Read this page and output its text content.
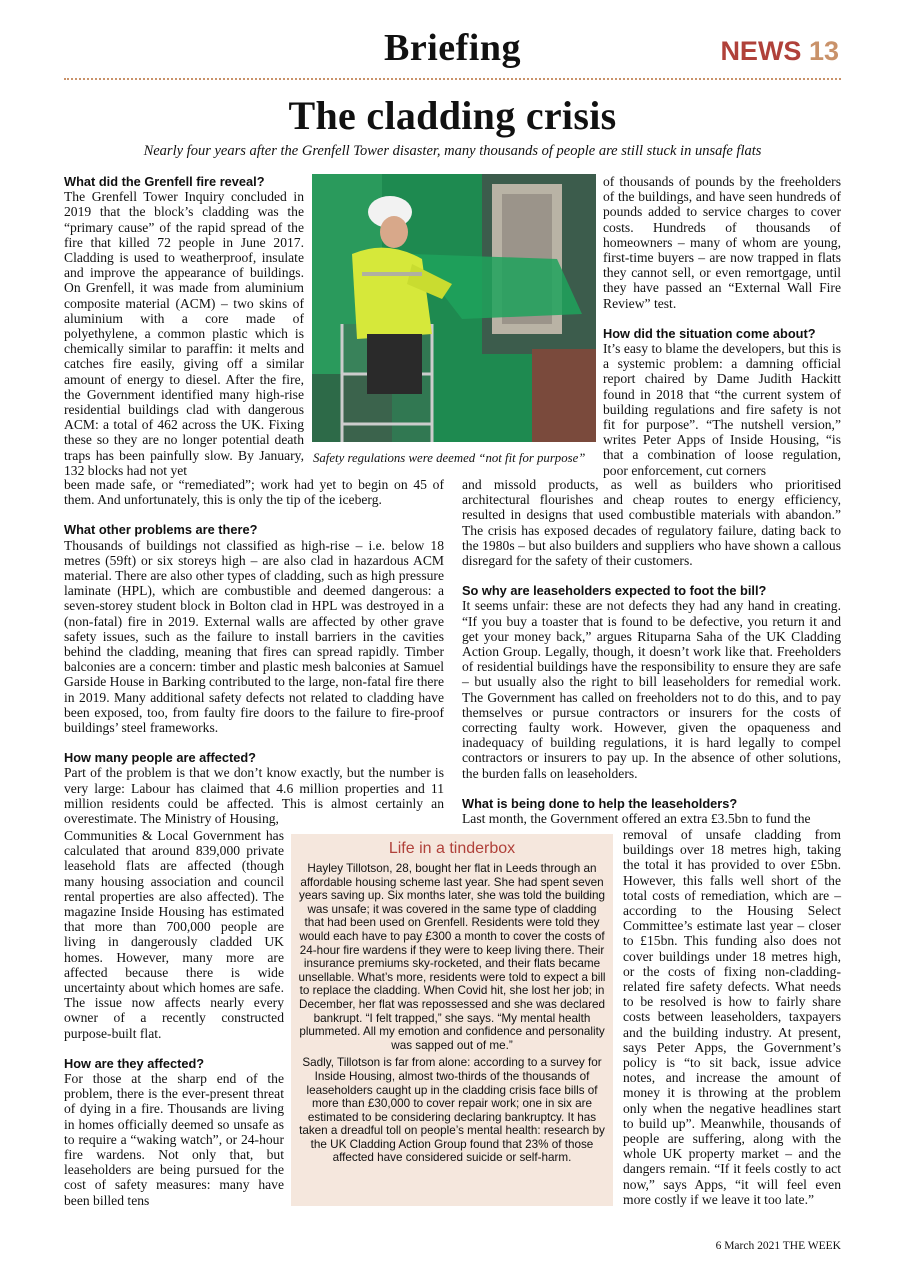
Briefing	NEWS 13
The cladding crisis
Nearly four years after the Grenfell Tower disaster, many thousands of people are still stuck in unsafe flats
Safety regulations were deemed “not fit for purpose”
What did the Grenfell fire reveal?

The Grenfell Tower Inquiry concluded in 2019 that the block’s cladding was the “primary cause” of the rapid spread of the fire that killed 72 people in June 2017. Cladding is used to weatherproof, insulate and improve the appearance of buildings. On Grenfell, it was made from aluminium composite material (ACM) – two skins of aluminium with a core made of polyethylene, a common plastic which is chemically similar to paraffin: it melts and catches fire easily, giving off a similar amount of energy to diesel. After the fire, the Government identified many high-rise residential buildings clad with dangerous ACM: a total of 462 across the UK. Fixing these so they are no longer potential death traps has been painfully slow. By January, 132 blocks had not yet

been made safe, or “remediated”; work had yet to begin on 45 of them. And unfortunately, this is only the tip of the iceberg.

What other problems are there?

Thousands of buildings not classified as high-rise – i.e. below 18 metres (59ft) or six storeys high – are also clad in hazardous ACM material. There are also other types of cladding, such as high pressure laminate (HPL), which are combustible and deemed dangerous: a seven-storey student block in Bolton clad in HPL was destroyed in a (non-fatal) fire in 2019. External walls are affected by other grave safety issues, such as the failure to install barriers in the cavities behind the cladding, meaning that fires can spread rapidly. Timber balconies are a concern: timber and plastic mesh balconies at Samuel Garside House in Barking contributed to the large, non-fatal fire there in 2019. Many additional safety defects not related to cladding have been exposed, too, from faulty fire doors to the failure to fire-proof buildings’ steel frameworks.

How many people are affected?

Part of the problem is that we don’t know exactly, but the number is very large: Labour has claimed that 4.6 million properties and 11 million residents could be affected. This is almost certainly an overestimate. The Ministry of Housing,

Communities & Local Government has calculated that around 839,000 private leasehold flats are affected (though many housing association and council rental properties are also affected). The magazine Inside Housing has estimated that more than 700,000 people are living in dangerously cladded UK homes. However, many more are affected because there is wide uncertainty about which homes are safe. The issue now affects nearly every owner of a recently constructed purpose-built flat.

How are they affected?

For those at the sharp end of the problem, there is the ever-present threat of dying in a fire. Thousands are living in homes officially deemed so unsafe as to require a “waking watch”, or 24-hour fire wardens. Not only that, but leaseholders are being pursued for the cost of safety measures: many have been billed tens

of thousands of pounds by the freeholders of the buildings, and have seen hundreds of pounds added to service charges to cover costs. Hundreds of thousands of homeowners – many of whom are young, first-time buyers – are now trapped in flats they cannot sell, or even remortgage, until they have passed an “External Wall Fire Review” test.

How did the situation come about?

It’s easy to blame the developers, but this is a systemic problem: a damning official report chaired by Dame Judith Hackitt found in 2018 that “the current system of building regulations and fire safety is not fit for purpose”. “The nutshell version,” writes Peter Apps of Inside Housing, “is that a combination of loose regulation, poor enforcement, cut corners

and missold products, as well as builders who prioritised architectural flourishes and cheap routes to energy efficiency, resulted in designs that used combustible materials with abandon.” The crisis has exposed decades of regulatory failure, dating back to the 1980s – but also builders and suppliers who have shown a callous disregard for the safety of their customers.

So why are leaseholders expected to foot the bill?

It seems unfair: these are not defects they had any hand in creating. “If you buy a toaster that is found to be defective, you return it and get your money back,” argues Rituparna Saha of the UK Cladding Action Group. Legally, though, it doesn’t work like that. Freeholders of residential buildings have the responsibility to ensure they are safe – but usually also the right to bill leaseholders for remedial work. The Government has called on freeholders not to do this, and to pay themselves or pursue contractors or insurers for the costs of correcting faulty work. However, given the opaqueness and inadequacy of building regulations, it is hard legally to compel contractors or insurers to pay up. In the absence of other solutions, the burden falls on leaseholders.

What is being done to help the leaseholders?

Last month, the Government offered an extra £3.5bn to fund the

removal of unsafe cladding from buildings over 18 metres high, taking the total it has provided to over £5bn. However, this falls well short of the total costs of remediation, which are – according to the Housing Select Committee’s estimate last year – closer to £15bn. This funding also does not cover buildings under 18 metres high, or the costs of fixing non-cladding-related fire safety defects. What needs to be resolved is how to fairly share costs between leaseholders, taxpayers and the building industry. At present, says Peter Apps, the Government’s policy is “to sit back, issue advice notes, and increase the amount of money it is throwing at the problem only when the negative headlines start to build up”. Meanwhile, thousands of people are suffering, along with the whole UK property market – and the dangers remain. “If it feels costly to act now,” says Apps, “it will feel even more costly if we leave it too late.”

Life in a tinderbox

Hayley Tillotson, 28, bought her flat in Leeds through an affordable housing scheme last year. She had spent seven years saving up. Six months later, she was told the building was unsafe; it was covered in the same type of cladding that had been used on Grenfell. Residents were told they would each have to pay £300 a month to cover the costs of 24-hour fire wardens if they were to keep living there. Their insurance premiums sky-rocketed, and their flats became unsellable. What’s more, residents were told to expect a bill to replace the cladding. When Covid hit, she lost her job; in December, her flat was repossessed and she was declared bankrupt. “I felt trapped,” she says. “My mental health plummeted. All my emotion and confidence and personality was sapped out of me.”

Sadly, Tillotson is far from alone: according to a survey for Inside Housing, almost two-thirds of the thousands of leaseholders caught up in the cladding crisis face bills of more than £30,000 to cover repair work; one in six are estimated to be considering declaring bankruptcy. It has taken a dreadful toll on people’s mental health: research by the UK Cladding Action Group found that 23% of those affected have considered suicide or self-harm.

6 March 2021 THE WEEK
